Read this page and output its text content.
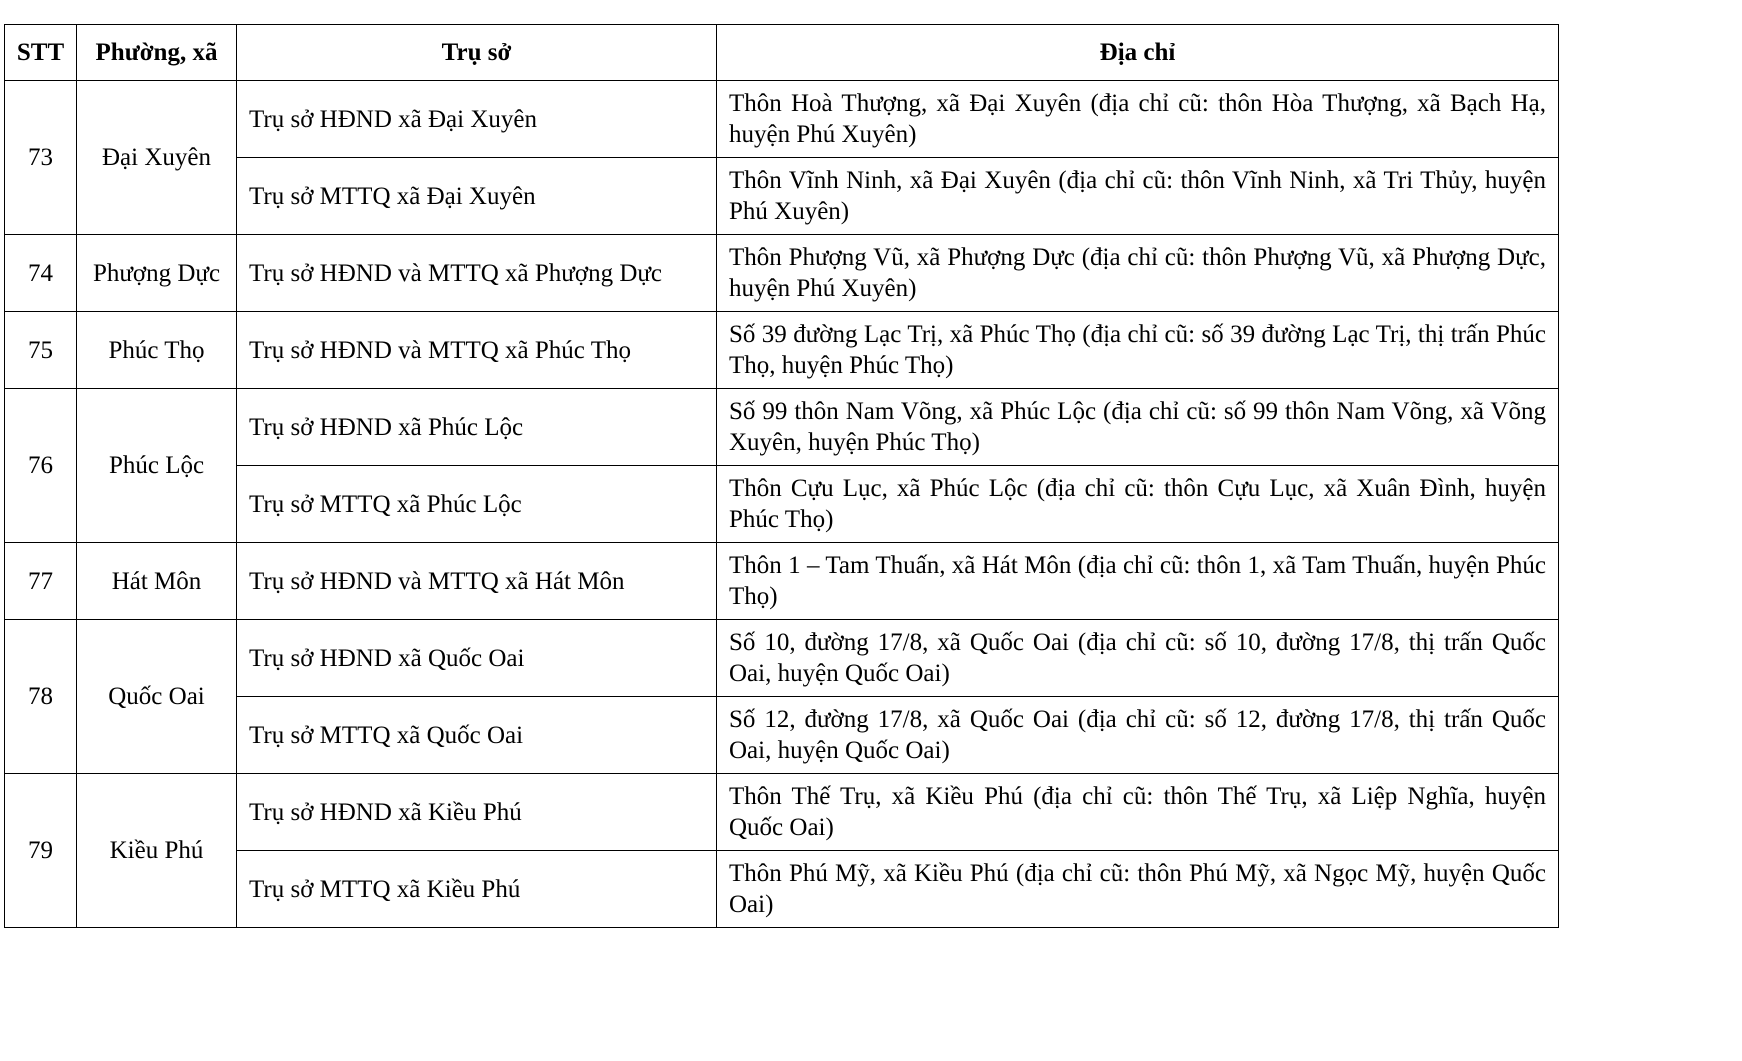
STT	Phường, xã	Trụ sở	Địa chỉ
73	Đại Xuyên	Trụ sở HĐND xã Đại Xuyên	Thôn Hoà Thượng, xã Đại Xuyên (địa chỉ cũ: thôn Hòa Thượng, xã Bạch Hạ, huyện Phú Xuyên)
		Trụ sở MTTQ xã Đại Xuyên	Thôn Vĩnh Ninh, xã Đại Xuyên (địa chỉ cũ: thôn Vĩnh Ninh, xã Tri Thủy, huyện Phú Xuyên)
74	Phượng Dực	Trụ sở HĐND và MTTQ xã Phượng Dực	Thôn Phượng Vũ, xã Phượng Dực (địa chỉ cũ: thôn Phượng Vũ, xã Phượng Dực, huyện Phú Xuyên)
75	Phúc Thọ	Trụ sở HĐND và MTTQ xã Phúc Thọ	Số 39 đường Lạc Trị, xã Phúc Thọ (địa chỉ cũ: số 39 đường Lạc Trị, thị trấn Phúc Thọ, huyện Phúc Thọ)
76	Phúc Lộc	Trụ sở HĐND xã Phúc Lộc	Số 99 thôn Nam Võng, xã Phúc Lộc (địa chỉ cũ: số 99 thôn Nam Võng, xã Võng Xuyên, huyện Phúc Thọ)
		Trụ sở MTTQ xã Phúc Lộc	Thôn Cựu Lục, xã Phúc Lộc (địa chỉ cũ: thôn Cựu Lục, xã Xuân Đình, huyện Phúc Thọ)
77	Hát Môn	Trụ sở HĐND và MTTQ xã Hát Môn	Thôn 1 – Tam Thuấn, xã Hát Môn (địa chỉ cũ: thôn 1, xã Tam Thuấn, huyện Phúc Thọ)
78	Quốc Oai	Trụ sở HĐND xã Quốc Oai	Số 10, đường 17/8, xã Quốc Oai (địa chỉ cũ: số 10, đường 17/8, thị trấn Quốc Oai, huyện Quốc Oai)
		Trụ sở MTTQ xã Quốc Oai	Số 12, đường 17/8, xã Quốc Oai (địa chỉ cũ: số 12, đường 17/8, thị trấn Quốc Oai, huyện Quốc Oai)
79	Kiều Phú	Trụ sở HĐND xã Kiều Phú	Thôn Thế Trụ, xã Kiều Phú (địa chỉ cũ: thôn Thế Trụ, xã Liệp Nghĩa, huyện Quốc Oai)
		Trụ sở MTTQ xã Kiều Phú	Thôn Phú Mỹ, xã Kiều Phú (địa chỉ cũ: thôn Phú Mỹ, xã Ngọc Mỹ, huyện Quốc Oai)
